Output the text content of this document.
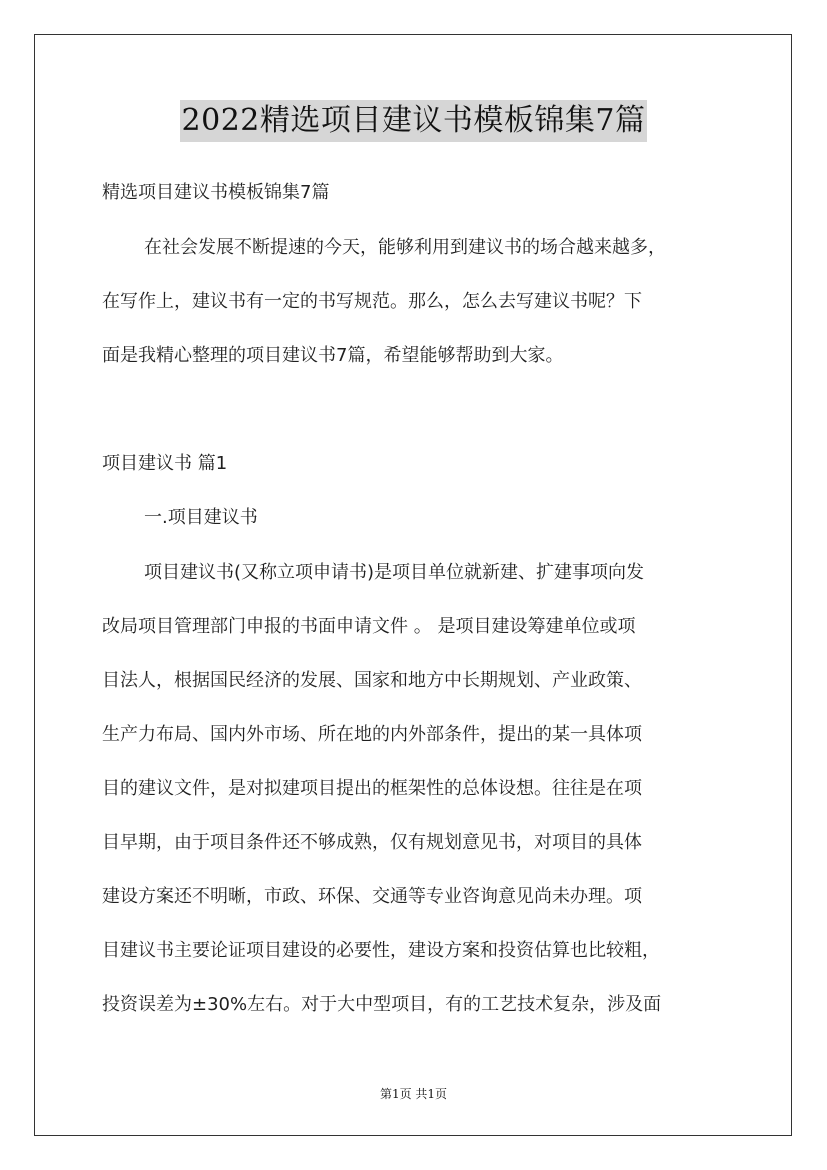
2022精选项目建议书模板锦集7篇
精选项目建议书模板锦集7篇
在社会发展不断提速的今天，能够利用到建议书的场合越来越多，
在写作上，建议书有一定的书写规范。那么，怎么去写建议书呢？下
面是我精心整理的项目建议书7篇，希望能够帮助到大家。
项目建议书 篇1
一.项目建议书
项目建议书(又称立项申请书)是项目单位就新建、扩建事项向发
改局项目管理部门申报的书面申请文件 。 是项目建设筹建单位或项
目法人，根据国民经济的发展、国家和地方中长期规划、产业政策、
生产力布局、国内外市场、所在地的内外部条件，提出的某一具体项
目的建议文件，是对拟建项目提出的框架性的总体设想。往往是在项
目早期，由于项目条件还不够成熟，仅有规划意见书，对项目的具体
建设方案还不明晰，市政、环保、交通等专业咨询意见尚未办理。项
目建议书主要论证项目建设的必要性，建设方案和投资估算也比较粗，
投资误差为±30%左右。对于大中型项目，有的工艺技术复杂，涉及面
第1页 共1页
